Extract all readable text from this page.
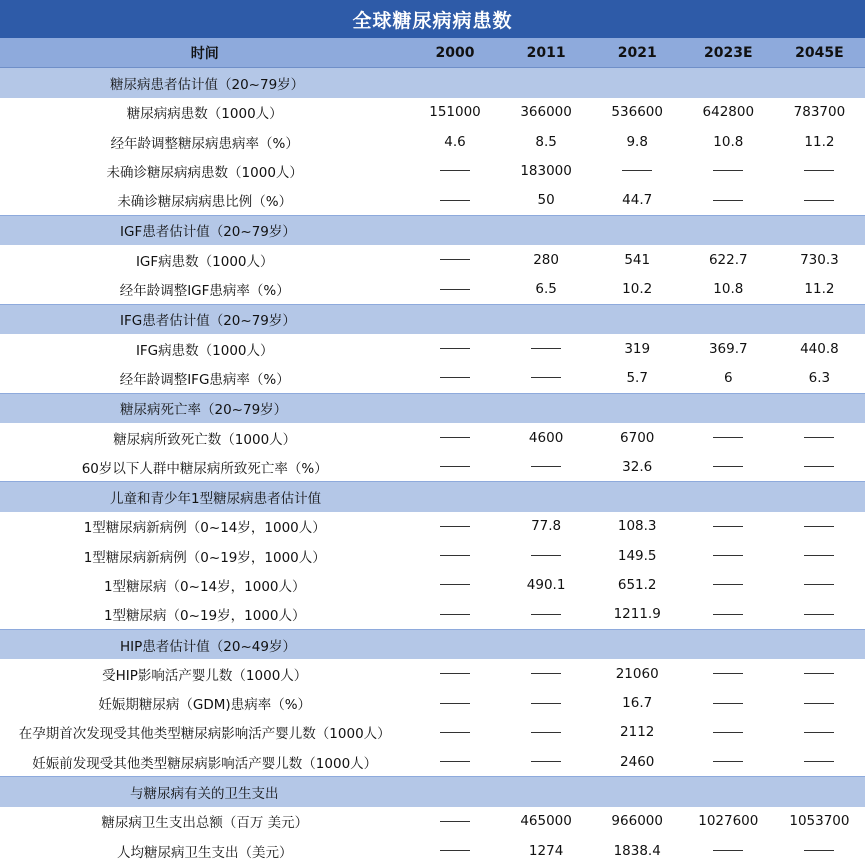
全球糖尿病病患数
时间	2000	2011	2021	2023E	2045E
糖尿病患者估计值（20~79岁）					
糖尿病病患数（1000人）	151000	366000	536600	642800	783700
经年龄调整糖尿病患病率（%）	4.6	8.5	9.8	10.8	11.2
未确诊糖尿病病患数（1000人）		183000			
未确诊糖尿病病患比例（%）		50	44.7		
IGF患者估计值（20~79岁）					
IGF病患数（1000人）		280	541	622.7	730.3
经年龄调整IGF患病率（%）		6.5	10.2	10.8	11.2
IFG患者估计值（20~79岁）					
IFG病患数（1000人）			319	369.7	440.8
经年龄调整IFG患病率（%）			5.7	6	6.3
糖尿病死亡率（20~79岁）					
糖尿病所致死亡数（1000人）		4600	6700		
60岁以下人群中糖尿病所致死亡率（%）			32.6		
儿童和青少年1型糖尿病患者估计值					
1型糖尿病新病例（0~14岁，1000人）		77.8	108.3		
1型糖尿病新病例（0~19岁，1000人）			149.5		
1型糖尿病（0~14岁，1000人）		490.1	651.2		
1型糖尿病（0~19岁，1000人）			1211.9		
HIP患者估计值（20~49岁）					
受HIP影响活产婴儿数（1000人）			21060		
妊娠期糖尿病（GDM)患病率（%）			16.7		
在孕期首次发现受其他类型糖尿病影响活产婴儿数（1000人）			2112		
妊娠前发现受其他类型糖尿病影响活产婴儿数（1000人）			2460		
与糖尿病有关的卫生支出					
糖尿病卫生支出总额（百万 美元）		465000	966000	1027600	1053700
人均糖尿病卫生支出（美元）		1274	1838.4		
